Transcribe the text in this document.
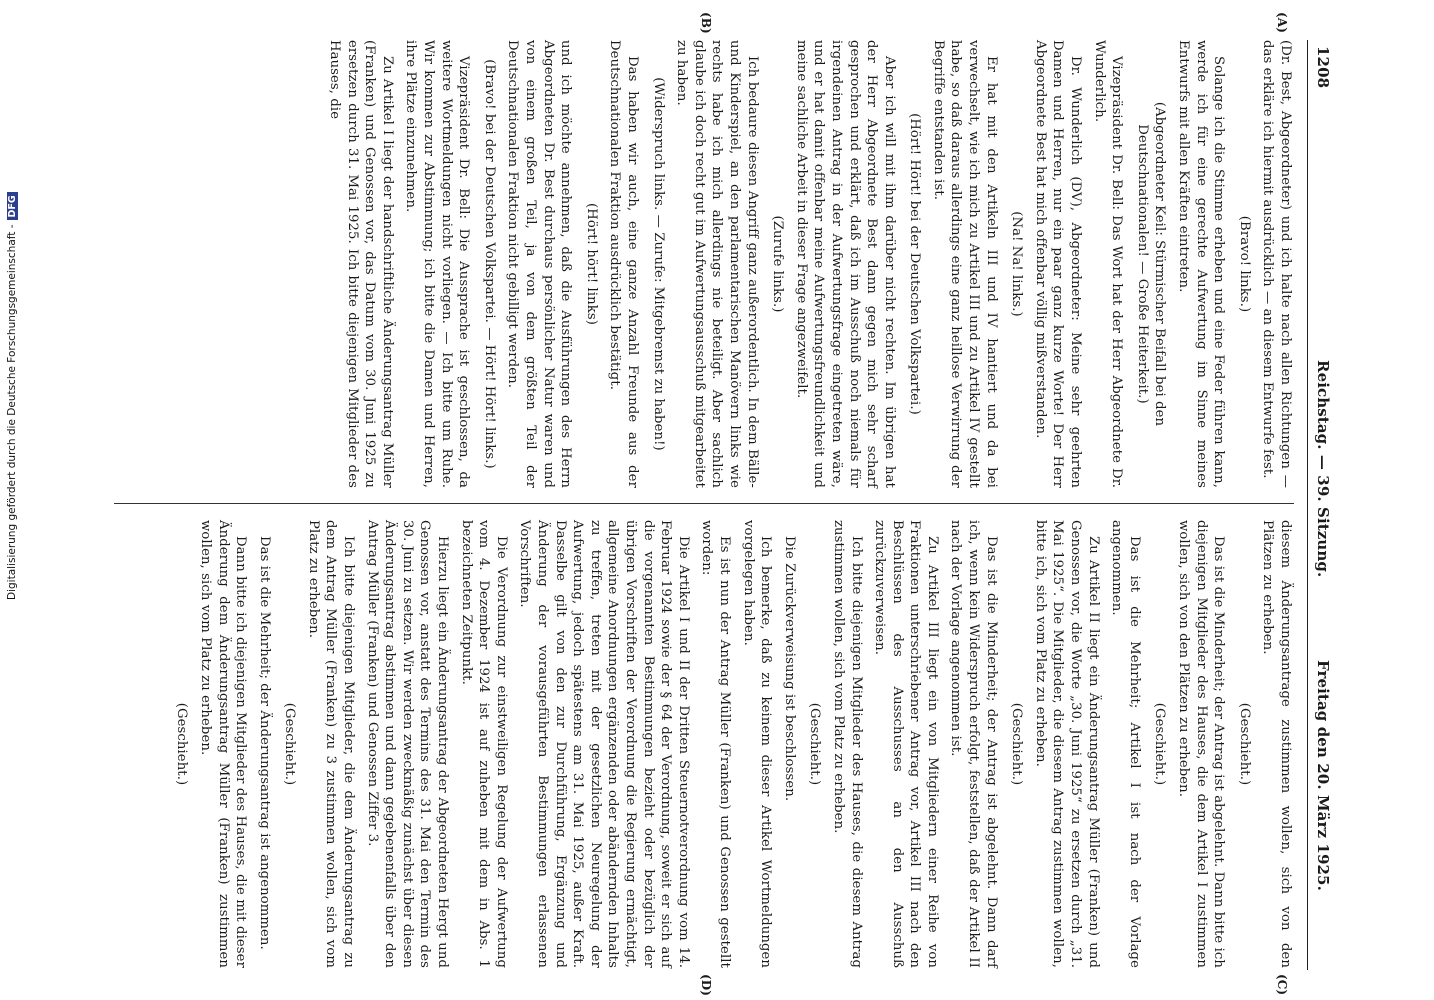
1208
Reichstag. — 39. Sitzung.
Freitag den 20. März 1925.
(A)
(B)
(C)
(D)

(Dr. Best, Abgeordneter) und ich halte nach allen Richtungen — das erkläre ich hiermit ausdrücklich — an diesem Entwurfe fest.

(Bravo! links.)

Solange ich die Stimme erheben und eine Feder führen kann, werde ich für eine gerechte Aufwertung im Sinne meines Entwurfs mit allen Kräften eintreten.

(Abgeordneter Keil: Stürmischer Beifall bei den Deutschnationalen! — Große Heiterkeit.)

Vizepräsident Dr. Bell: Das Wort hat der Herr Abgeordnete Dr. Wunderlich.

Dr. Wunderlich (DV), Abgeordneter: Meine sehr geehrten Damen und Herren, nur ein paar ganz kurze Worte! Der Herr Abgeordnete Best hat mich offenbar völlig mißverstanden.

(Na! Na! links.)

Er hat mit den Artikeln III und IV hantiert und da bei verwechselt, wie ich mich zu Artikel III und zu Artikel IV gestellt habe, so daß daraus allerdings eine ganz heillose Verwirrung der Begriffe entstanden ist.

(Hört! Hört! bei der Deutschen Volkspartei.)

Aber ich will mit ihm darüber nicht rechten. Im übrigen hat der Herr Abgeordnete Best dann gegen mich sehr scharf gesprochen und erklärt, daß ich im Ausschuß noch niemals für irgendeinen Antrag in der Aufwertungsfrage eingetreten wäre, und er hat damit offenbar meine Aufwertungsfreundlichkeit und meine sachliche Arbeit in dieser Frage angezweifelt.

(Zurufe links.)

Ich bedaure diesen Angriff ganz außerordentlich. In dem Bälle- und Kinderspiel, an den parlamentarischen Manövern links wie rechts habe ich mich allerdings nie beteiligt. Aber sachlich glaube ich doch recht gut im Aufwertungsausschuß mitgearbeitet zu haben.

(Widerspruch links. — Zurufe: Mitgebremst zu haben!)

Das haben wir auch, eine ganze Anzahl Freunde aus der Deutschnationalen Fraktion ausdrücklich bestätigt.

(Hört! hört! links)

und ich möchte annehmen, daß die Ausführungen des Herrn Abgeordneten Dr. Best durchaus persönlicher Natur waren und von einem großen Teil, ja von dem größten Teil der Deutschnationalen Fraktion nicht gebilligt werden.

(Bravo! bei der Deutschen Volkspartei. — Hört! Hört! links.)

Vizepräsident Dr. Bell: Die Aussprache ist geschlossen, da weitere Wortmeldungen nicht vorliegen. — Ich bitte um Ruhe. Wir kommen zur Abstimmung; ich bitte die Damen und Herren, ihre Plätze einzunehmen.

Zu Artikel I liegt der handschriftliche Änderungsantrag Müller (Franken) und Genossen vor, das Datum vom 30. Juni 1925 zu ersetzen durch 31. Mai 1925. Ich bitte diejenigen Mitglieder des Hauses, die

diesem Änderungsantrage zustimmen wollen, sich von den Plätzen zu erheben.

(Geschieht.)

Das ist die Minderheit; der Antrag ist abgelehnt. Dann bitte ich diejenigen Mitglieder des Hauses, die dem Artikel I zustimmen wollen, sich von den Plätzen zu erheben.

(Geschieht.)

Das ist die Mehrheit; Artikel I ist nach der Vorlage angenommen.

Zu Artikel II liegt ein Änderungsantrag Müller (Franken) und Genossen vor, die Worte „30. Juni 1925“ zu ersetzen durch „31. Mai 1925“. Die Mitglieder, die diesem Antrag zustimmen wollen, bitte ich, sich vom Platz zu erheben.

(Geschieht.)

Das ist die Minderheit; der Antrag ist abgelehnt. Dann darf ich, wenn kein Widerspruch erfolgt, feststellen, daß der Artikel II nach der Vorlage angenommen ist.

Zu Artikel III liegt ein von Mitgliedern einer Reihe von Fraktionen unterschriebener Antrag vor, Artikel III nach den Beschlüssen des Ausschusses an den Ausschuß zurückzuverweisen.

Ich bitte diejenigen Mitglieder des Hauses, die diesem Antrag zustimmen wollen, sich vom Platz zu erheben.

(Geschieht.)

Die Zurückverweisung ist beschlossen.

Ich bemerke, daß zu keinem dieser Artikel Wortmeldungen vorgelegen haben.

Es ist nun der Antrag Müller (Franken) und Genossen gestellt worden:

Die Artikel I und II der Dritten Steuernotverordnung vom 14. Februar 1924 sowie der § 64 der Verordnung, soweit er sich auf die vorgenannten Bestimmungen bezieht oder bezüglich der übrigen Vorschriften der Verordnung die Regierung ermächtigt, allgemeine Anordnungen ergänzenden oder abändernden Inhalts zu treffen, treten mit der gesetzlichen Neuregelung der Aufwertung, jedoch spätestens am 31. Mai 1925, außer Kraft. Dasselbe gilt von den zur Durchführung, Ergänzung und Änderung der vorausgeführten Bestimmungen erlassenen Vorschriften.

Die Verordnung zur einstweiligen Regelung der Aufwertung vom 4. Dezember 1924 ist auf zuheben mit dem in Abs. 1 bezeichneten Zeitpunkt.

Hierzu liegt ein Änderungsantrag der Abgeordneten Hergt und Genossen vor, anstatt des Termins des 31. Mai den Termin des 30. Juni zu setzen. Wir werden zweckmäßig zunächst über diesen Änderungsantrag abstimmen und dann gegebenenfalls über den Antrag Müller (Franken) und Genossen Ziffer 3.

Ich bitte diejenigen Mitglieder, die dem Änderungsantrag zu dem Antrag Müller (Franken) zu 3 zustimmen wollen, sich vom Platz zu erheben.

(Geschieht.)

Das ist die Mehrheit; der Änderungsantrag ist angenommen.

Dann bitte ich diejenigen Mitglieder des Hauses, die mit dieser Änderung dem Änderungsantrag Müller (Franken) zustimmen wollen, sich vom Platz zu erheben.

(Geschieht.)

Digitalisierung gefördert durch die Deutsche Forschungsgemeinschaft -DFG
